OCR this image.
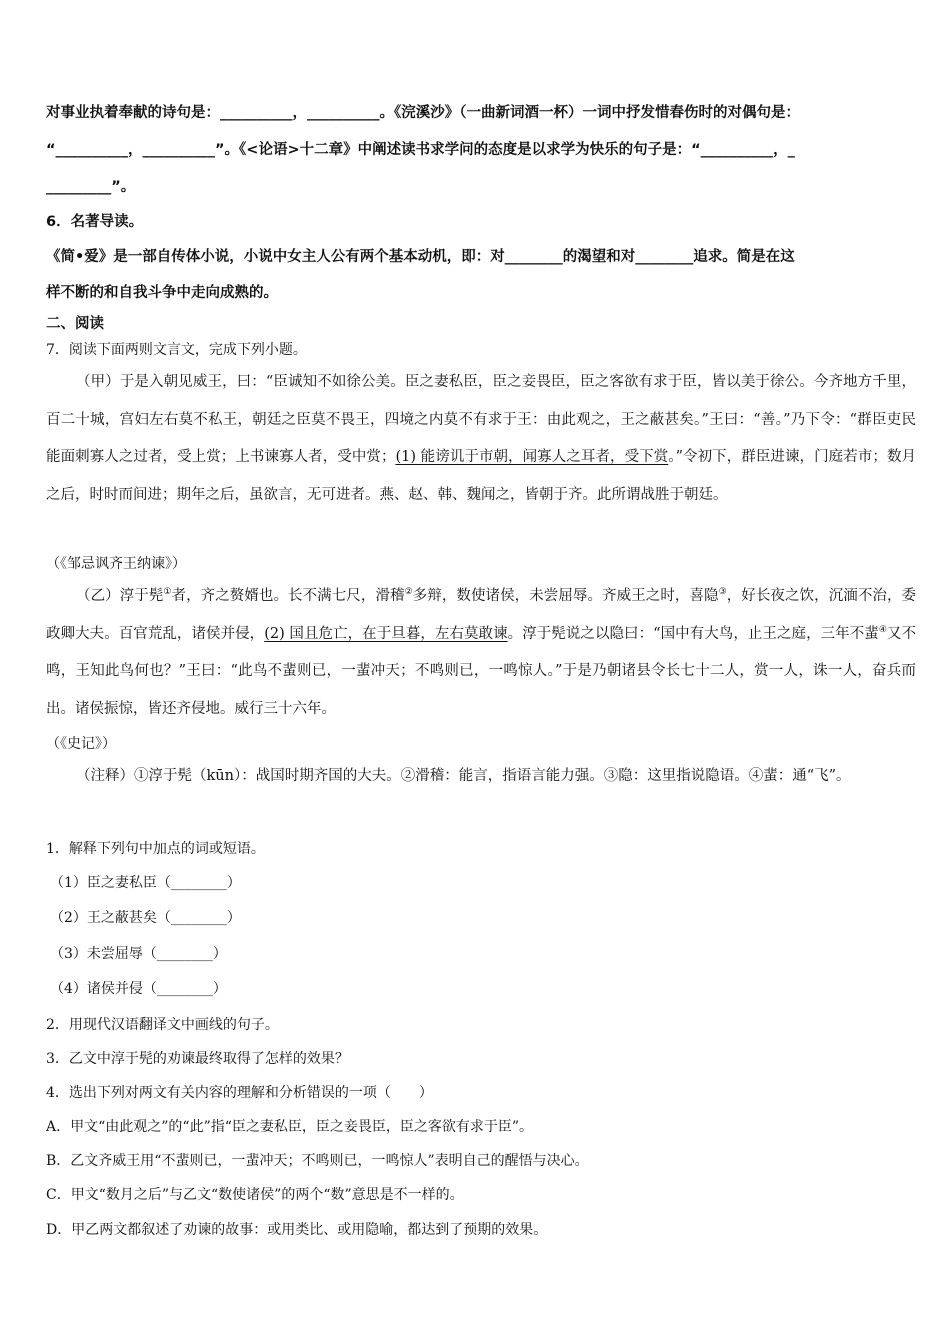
对事业执着奉献的诗句是：__________，__________。《浣溪沙》（一曲新词酒一杯）一词中抒发惜春伤时的对偶句是：

“__________，__________”。《<论语>十二章》中阐述读书求学问的态度是以求学为快乐的句子是：“__________，_

_________”。

6．名著导读。

《简•爱》是一部自传体小说，小说中女主人公有两个基本动机，即：对________的渴望和对________追求。简是在这

样不断的和自我斗争中走向成熟的。

二、阅读

7．阅读下面两则文言文，完成下列小题。

（甲）于是入朝见威王，曰：“臣诚知不如徐公美。臣之妻私臣，臣之妾畏臣，臣之客欲有求于臣，皆以美于徐公。今齐地方千里，百二十城，宫妇左右莫不私王，朝廷之臣莫不畏王，四境之内莫不有求于王：由此观之，王之蔽甚矣。”王曰：“善。”乃下令：“群臣吏民能面刺寡人之过者，受上赏；上书谏寡人者，受中赏；(1) 能谤讥于市朝，闻寡人之耳者，受下赏。”令初下，群臣进谏，门庭若市；数月之后，时时而间进；期年之后，虽欲言，无可进者。燕、赵、韩、魏闻之，皆朝于齐。此所谓战胜于朝廷。

（《邹忌讽齐王纳谏》）

（乙）淳于髡①者，齐之赘婿也。长不满七尺，滑稽②多辩，数使诸侯，未尝屈辱。齐威王之时，喜隐③，好长夜之饮，沉湎不治，委政卿大夫。百官荒乱，诸侯并侵，(2) 国且危亡，在于旦暮，左右莫敢谏。淳于髡说之以隐曰：“国中有大鸟，止王之庭，三年不蜚④又不鸣，王知此鸟何也？”王曰：“此鸟不蜚则已，一蜚冲天；不鸣则已，一鸣惊人。”于是乃朝诸县令长七十二人，赏一人，诛一人，奋兵而出。诸侯振惊，皆还齐侵地。威行三十六年。

（《史记》）

（注释）①淳于髡（kūn）：战国时期齐国的大夫。②滑稽：能言，指语言能力强。③隐：这里指说隐语。④蜚：通“飞”。

1．解释下列句中加点的词或短语。

（1）臣之妻私臣（________）

（2）王之蔽甚矣（________）

（3）未尝屈辱（________）

（4）诸侯并侵（________）

2．用现代汉语翻译文中画线的句子。

3．乙文中淳于髡的劝谏最终取得了怎样的效果？

4．选出下列对两文有关内容的理解和分析错误的一项（　　）

A．甲文“由此观之”的“此”指“臣之妻私臣，臣之妾畏臣，臣之客欲有求于臣”。

B．乙文齐威王用“不蜚则已，一蜚冲天；不鸣则已，一鸣惊人”表明自己的醒悟与决心。

C．甲文“数月之后”与乙文“数使诸侯”的两个“数”意思是不一样的。

D．甲乙两文都叙述了劝谏的故事：或用类比、或用隐喻，都达到了预期的效果。
